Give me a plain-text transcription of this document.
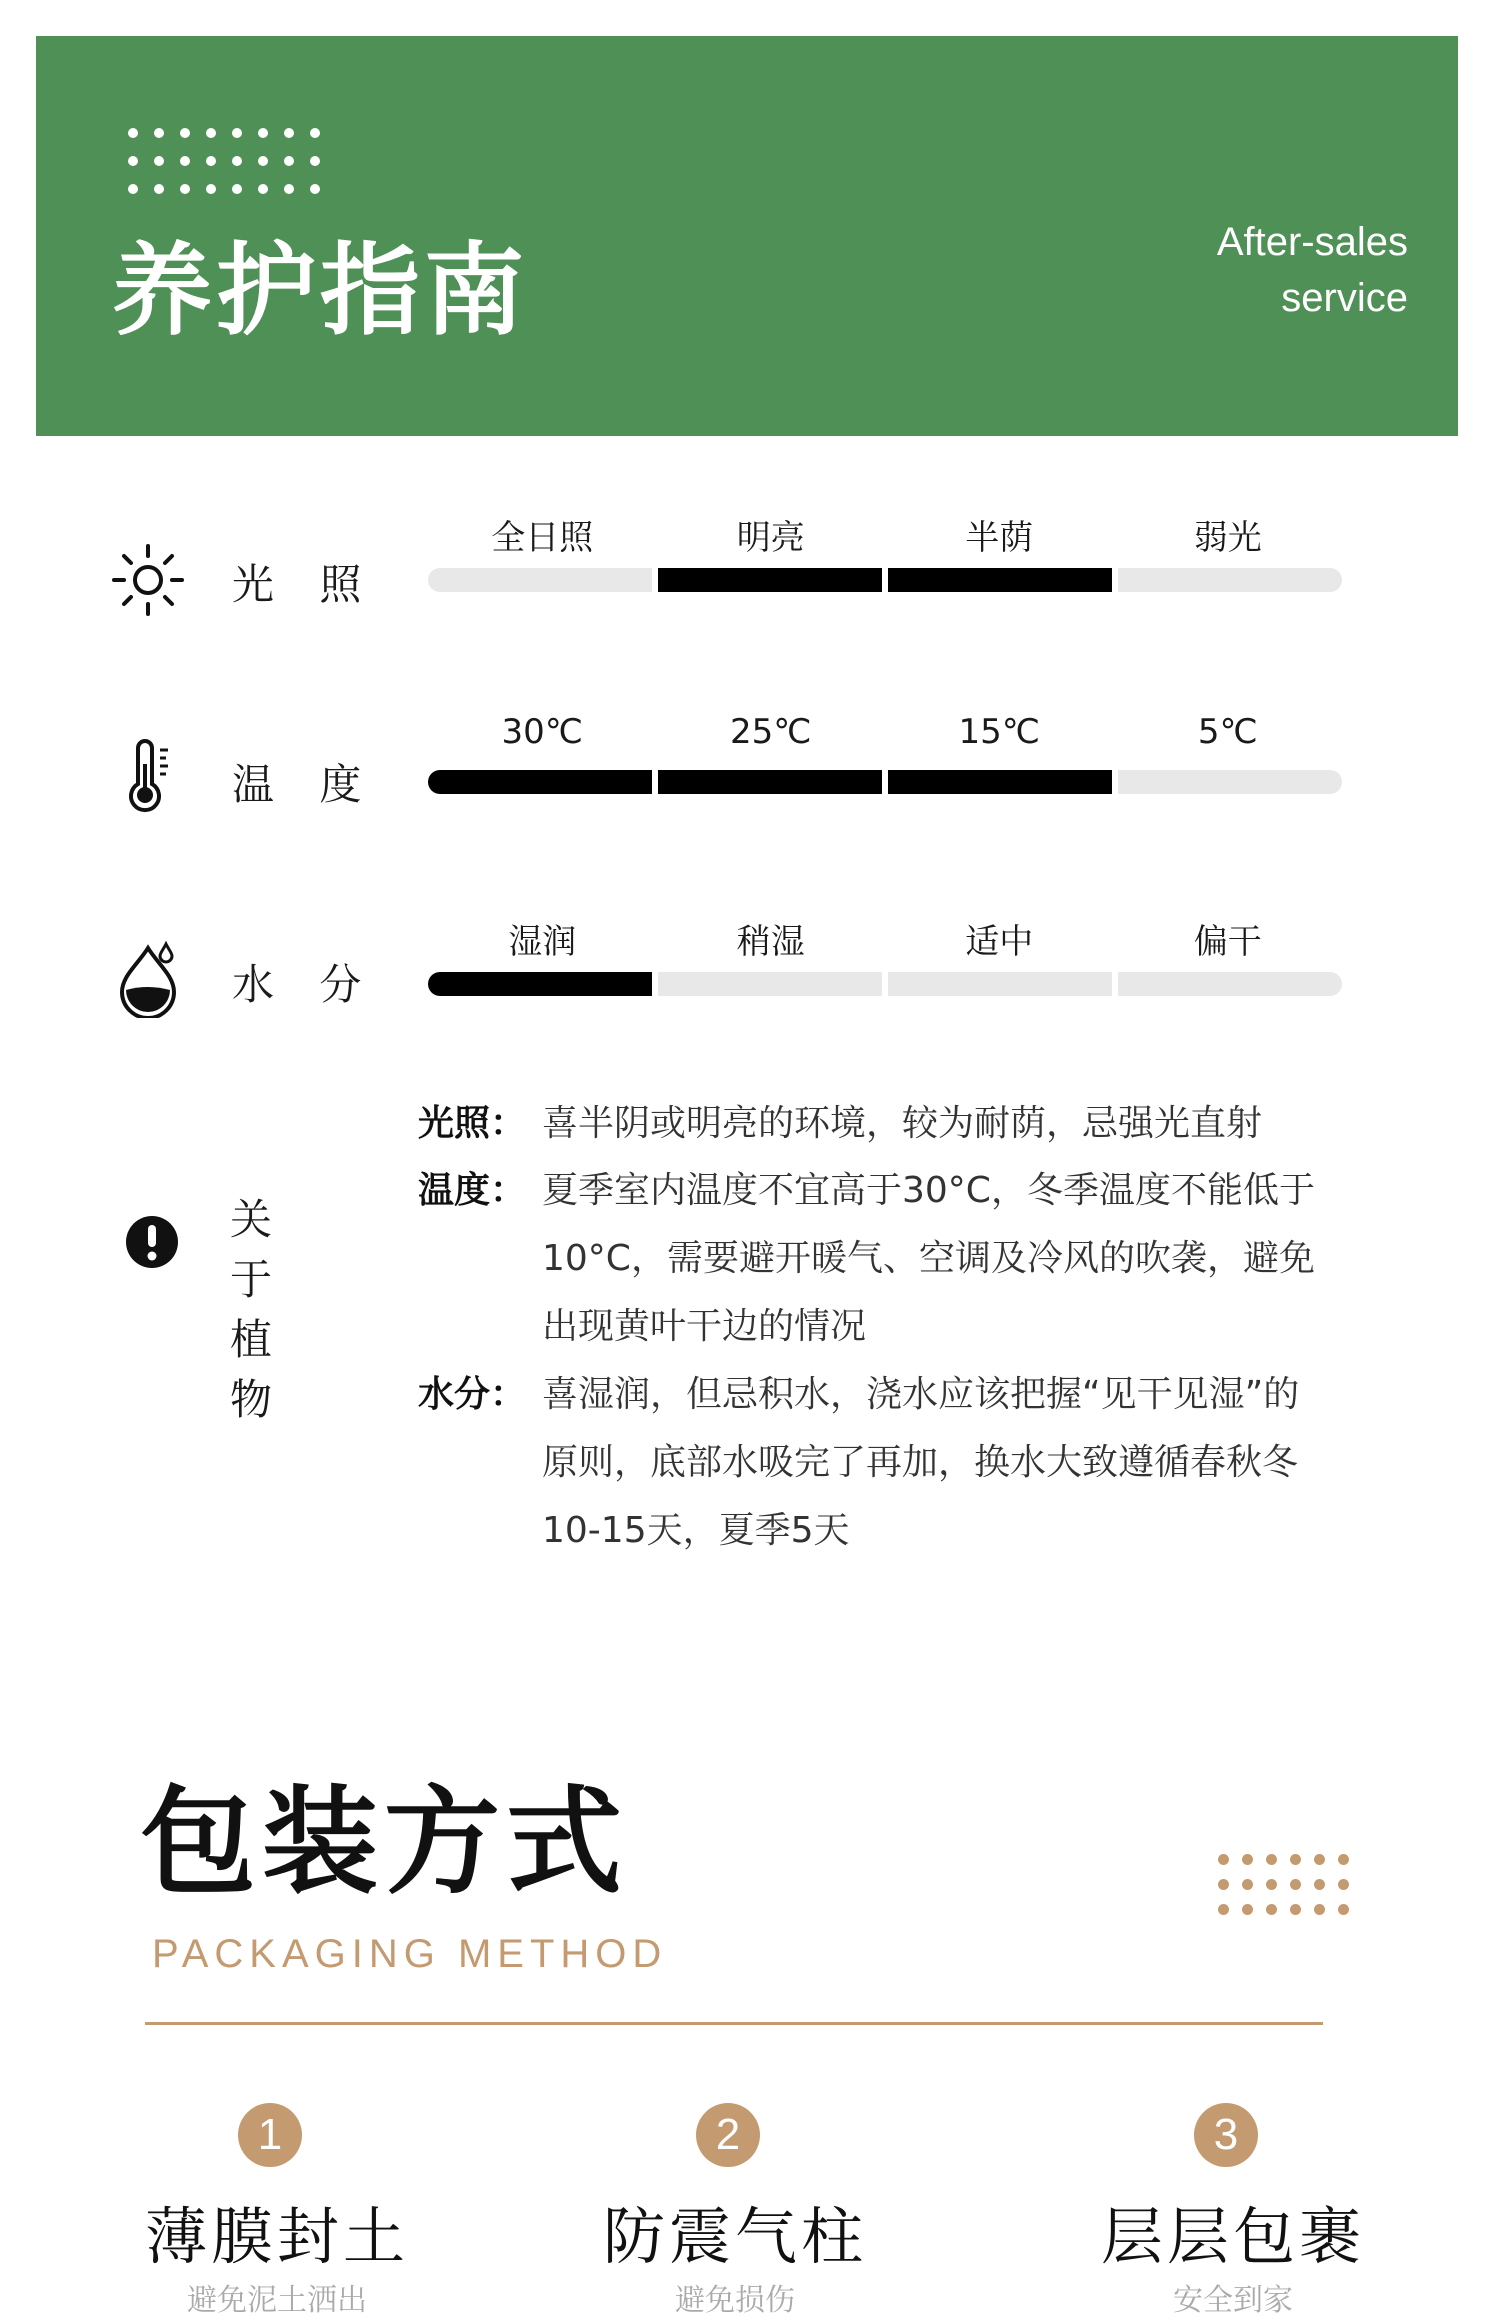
养护指南	After-sales
service
光 照
全日照	明亮	半荫	弱光
温 度
30℃	25℃	15℃	5℃
水 分
湿润	稍湿	适中	偏干
关 于
植 物
光照： 喜半阴或明亮的环境，较为耐荫，忌强光直射
温度： 夏季室内温度不宜高于30°C，冬季温度不能低于
10°C，需要避开暖气、空调及冷风的吹袭，避免
出现黄叶干边的情况
水分： 喜湿润，但忌积水，浇水应该把握“见干见湿”的
原则，底部水吸完了再加，换水大致遵循春秋冬
10-15天，夏季5天
包装方式
PACKAGING METHOD
1
薄膜封土
避免泥土洒出
2
防震气柱
避免损伤
3
层层包裹
安全到家
